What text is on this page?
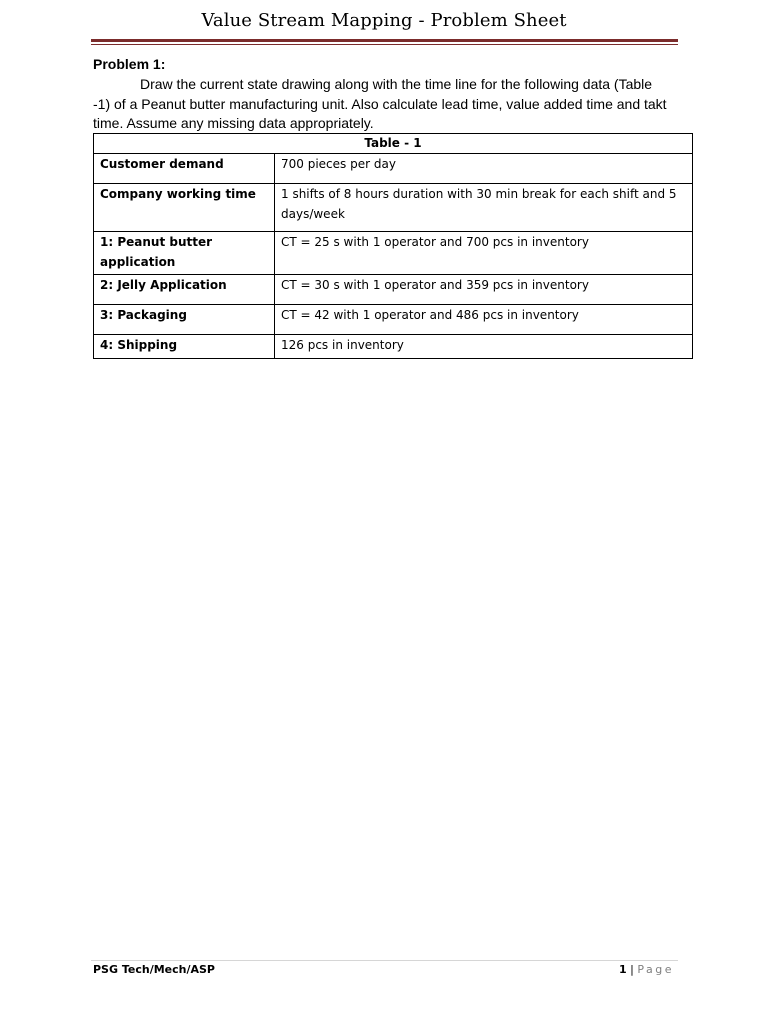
Value Stream Mapping - Problem Sheet
Problem 1:
Draw the current state drawing along with the time line for the following data (Table -1) of a Peanut butter manufacturing unit. Also calculate lead time, value added time and takt time. Assume any missing data appropriately.
Table - 1	
Customer demand	700 pieces per day
Company working time	1 shifts of 8 hours duration with 30 min break for each shift and 5 days/week
1: Peanut butter application	CT = 25 s with 1 operator and 700 pcs in inventory
2: Jelly Application	CT = 30 s with 1 operator and 359 pcs in inventory
3: Packaging	CT = 42 with 1 operator and 486 pcs in inventory
4: Shipping	126 pcs in inventory
PSG Tech/Mech/ASP	1 | Page
